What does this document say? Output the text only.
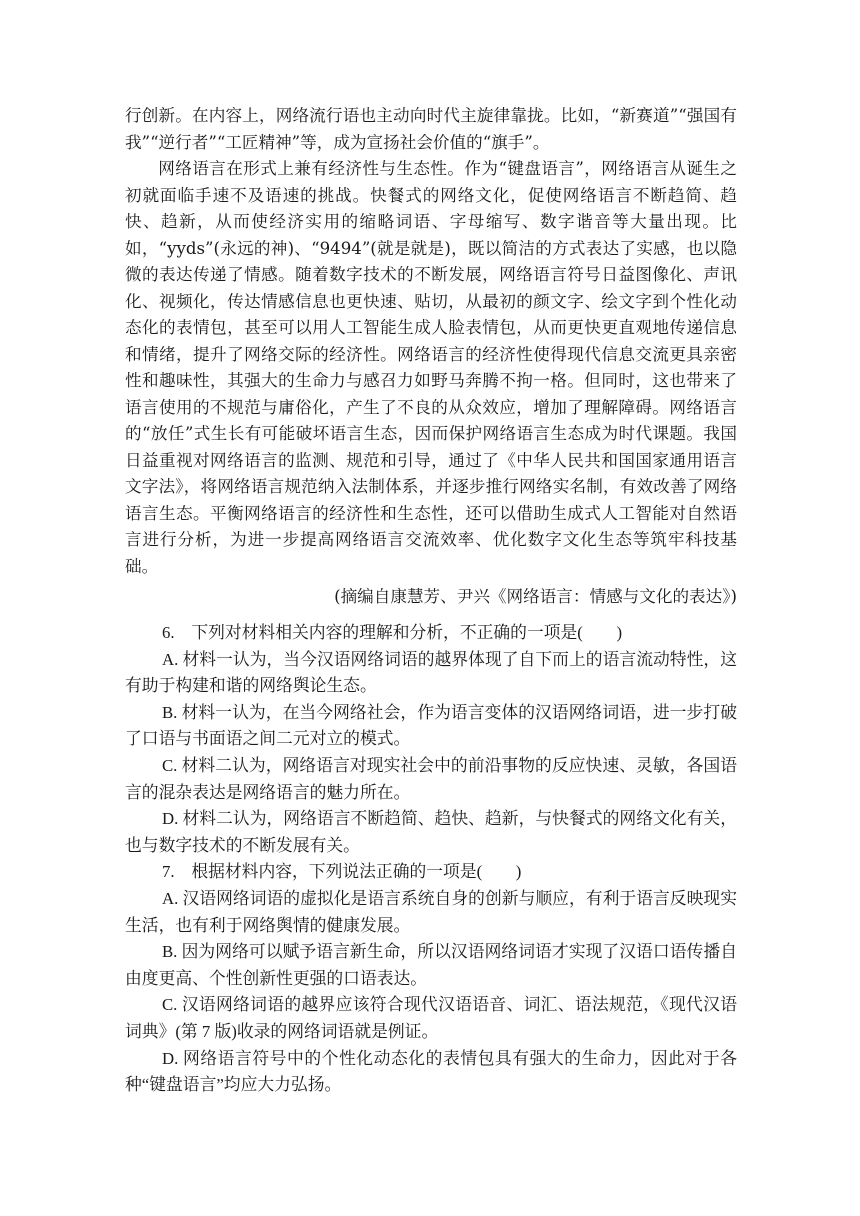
行创新。在内容上，网络流行语也主动向时代主旋律靠拢。比如，“新赛道”“强国有我”“逆行者”“工匠精神”等，成为宣扬社会价值的“旗手”。

网络语言在形式上兼有经济性与生态性。作为“键盘语言”，网络语言从诞生之初就面临手速不及语速的挑战。快餐式的网络文化，促使网络语言不断趋简、趋快、趋新，从而使经济实用的缩略词语、字母缩写、数字谐音等大量出现。比如，“yyds”(永远的神)、“9494”(就是就是)，既以简洁的方式表达了实感，也以隐微的表达传递了情感。随着数字技术的不断发展，网络语言符号日益图像化、声讯化、视频化，传达情感信息也更快速、贴切，从最初的颜文字、绘文字到个性化动态化的表情包，甚至可以用人工智能生成人脸表情包，从而更快更直观地传递信息和情绪，提升了网络交际的经济性。网络语言的经济性使得现代信息交流更具亲密性和趣味性，其强大的生命力与感召力如野马奔腾不拘一格。但同时，这也带来了语言使用的不规范与庸俗化，产生了不良的从众效应，增加了理解障碍。网络语言的“放任”式生长有可能破坏语言生态，因而保护网络语言生态成为时代课题。我国日益重视对网络语言的监测、规范和引导，通过了《中华人民共和国国家通用语言文字法》，将网络语言规范纳入法制体系，并逐步推行网络实名制，有效改善了网络语言生态。平衡网络语言的经济性和生态性，还可以借助生成式人工智能对自然语言进行分析，为进一步提高网络语言交流效率、优化数字文化生态等筑牢科技基础。

(摘编自康慧芳、尹兴《网络语言：情感与文化的表达》)

6.　下列对材料相关内容的理解和分析，不正确的一项是(　　)

A. 材料一认为，当今汉语网络词语的越界体现了自下而上的语言流动特性，这有助于构建和谐的网络舆论生态。

B. 材料一认为，在当今网络社会，作为语言变体的汉语网络词语，进一步打破了口语与书面语之间二元对立的模式。

C. 材料二认为，网络语言对现实社会中的前沿事物的反应快速、灵敏，各国语言的混杂表达是网络语言的魅力所在。

D. 材料二认为，网络语言不断趋简、趋快、趋新，与快餐式的网络文化有关，也与数字技术的不断发展有关。

7.　根据材料内容，下列说法正确的一项是(　　)

A. 汉语网络词语的虚拟化是语言系统自身的创新与顺应，有利于语言反映现实生活，也有利于网络舆情的健康发展。

B. 因为网络可以赋予语言新生命，所以汉语网络词语才实现了汉语口语传播自由度更高、个性创新性更强的口语表达。

C. 汉语网络词语的越界应该符合现代汉语语音、词汇、语法规范，《现代汉语词典》(第 7 版)收录的网络词语就是例证。

D. 网络语言符号中的个性化动态化的表情包具有强大的生命力，因此对于各种“键盘语言”均应大力弘扬。
